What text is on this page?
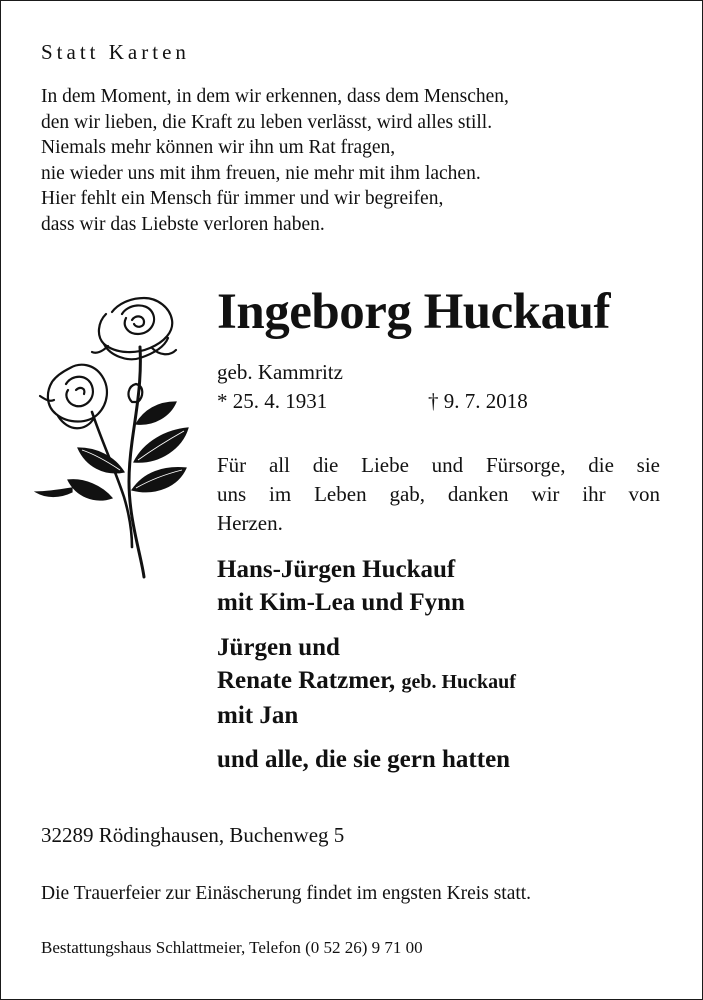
Statt Karten
In dem Moment, in dem wir erkennen, dass dem Menschen,
den wir lieben, die Kraft zu leben verlässt, wird alles still.
Niemals mehr können wir ihn um Rat fragen,
nie wieder uns mit ihm freuen, nie mehr mit ihm lachen.
Hier fehlt ein Mensch für immer und wir begreifen,
dass wir das Liebste verloren haben.
Ingeborg Huckauf
geb. Kammritz
* 25. 4. 1931	† 9. 7. 2018
Für all die Liebe und Fürsorge, die sie
uns im Leben gab, danken wir ihr von
Herzen.
Hans-Jürgen Huckauf
mit Kim-Lea und Fynn
Jürgen und
Renate Ratzmer, geb. Huckauf
mit Jan
und alle, die sie gern hatten
32289 Rödinghausen, Buchenweg 5
Die Trauerfeier zur Einäscherung findet im engsten Kreis statt.
Bestattungshaus Schlattmeier, Telefon (0 52 26) 9 71 00
